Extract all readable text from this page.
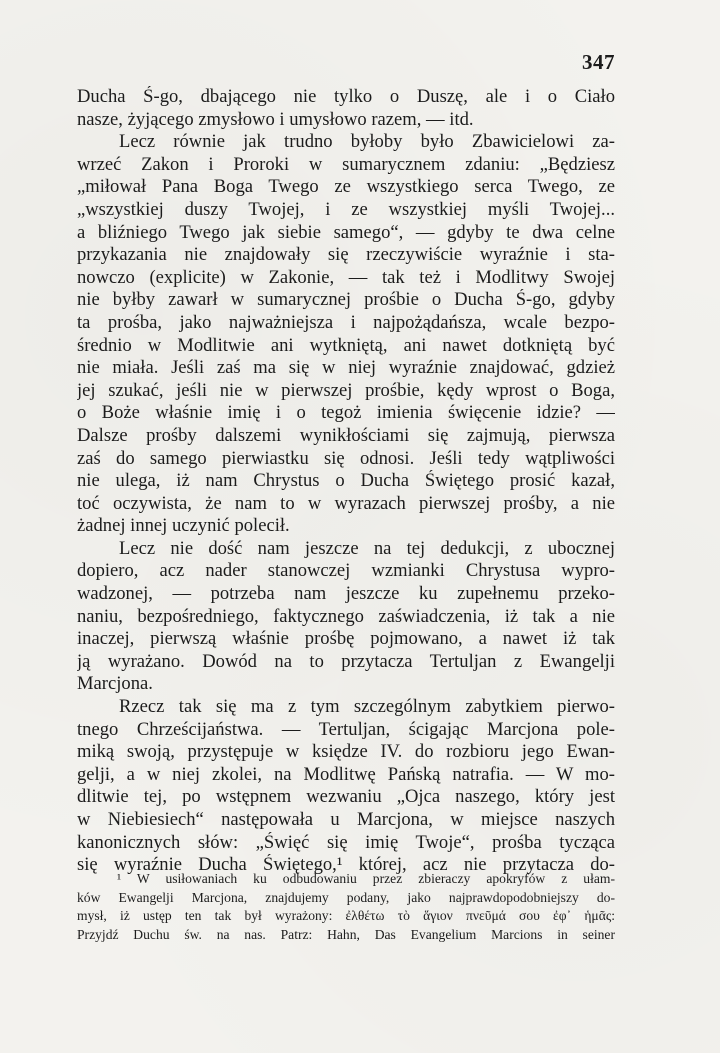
347
Ducha Ś-go, dbającego nie tylko o Duszę, ale i o Ciało
nasze, żyjącego zmysłowo i umysłowo razem, — itd.
Lecz równie jak trudno byłoby było Zbawicielowi za-
wrzeć Zakon i Proroki w sumarycznem zdaniu: „Będziesz
„miłował Pana Boga Twego ze wszystkiego serca Twego, ze
„wszystkiej duszy Twojej, i ze wszystkiej myśli Twojej...
a bliźniego Twego jak siebie samego“, — gdyby te dwa celne
przykazania nie znajdowały się rzeczywiście wyraźnie i sta-
nowczo (explicite) w Zakonie, — tak też i Modlitwy Swojej
nie byłby zawarł w sumarycznej prośbie o Ducha Ś-go, gdyby
ta prośba, jako najważniejsza i najpożądańsza, wcale bezpo-
średnio w Modlitwie ani wytkniętą, ani nawet dotkniętą być
nie miała. Jeśli zaś ma się w niej wyraźnie znajdować, gdzież
jej szukać, jeśli nie w pierwszej prośbie, kędy wprost o Boga,
o Boże właśnie imię i o tegoż imienia święcenie idzie? —
Dalsze prośby dalszemi wynikłościami się zajmują, pierwsza
zaś do samego pierwiastku się odnosi. Jeśli tedy wątpliwości
nie ulega, iż nam Chrystus o Ducha Świętego prosić kazał,
toć oczywista, że nam to w wyrazach pierwszej prośby, a nie
żadnej innej uczynić polecił.
Lecz nie dość nam jeszcze na tej dedukcji, z ubocznej
dopiero, acz nader stanowczej wzmianki Chrystusa wypro-
wadzonej, — potrzeba nam jeszcze ku zupełnemu przeko-
naniu, bezpośredniego, faktycznego zaświadczenia, iż tak a nie
inaczej, pierwszą właśnie prośbę pojmowano, a nawet iż tak
ją wyrażano. Dowód na to przytacza Tertuljan z Ewangelji
Marcjona.
Rzecz tak się ma z tym szczególnym zabytkiem pierwo-
tnego Chrześcijaństwa. — Tertuljan, ścigając Marcjona pole-
miką swoją, przystępuje w księdze IV. do rozbioru jego Ewan-
gelji, a w niej zkolei, na Modlitwę Pańską natrafia. — W mo-
dlitwie tej, po wstępnem wezwaniu „Ojca naszego, który jest
w Niebiesiech“ następowała u Marcjona, w miejsce naszych
kanonicznych słów: „Święć się imię Twoje“, prośba tycząca
się wyraźnie Ducha Świętego,¹ której, acz nie przytacza do-
¹ W usiłowaniach ku odbudowaniu przez zbieraczy apokryfów z ułam-
ków Ewangelji Marcjona, znajdujemy podany, jako najprawdopodobniejszy do-
mysł, iż ustęp ten tak był wyrażony: ἐλθέτω τὸ ἅγιον πνεῦμά σου ἐφ᾽ ἡμᾶς:
Przyjdź Duchu św. na nas. Patrz: Hahn, Das Evangelium Marcions in seiner
